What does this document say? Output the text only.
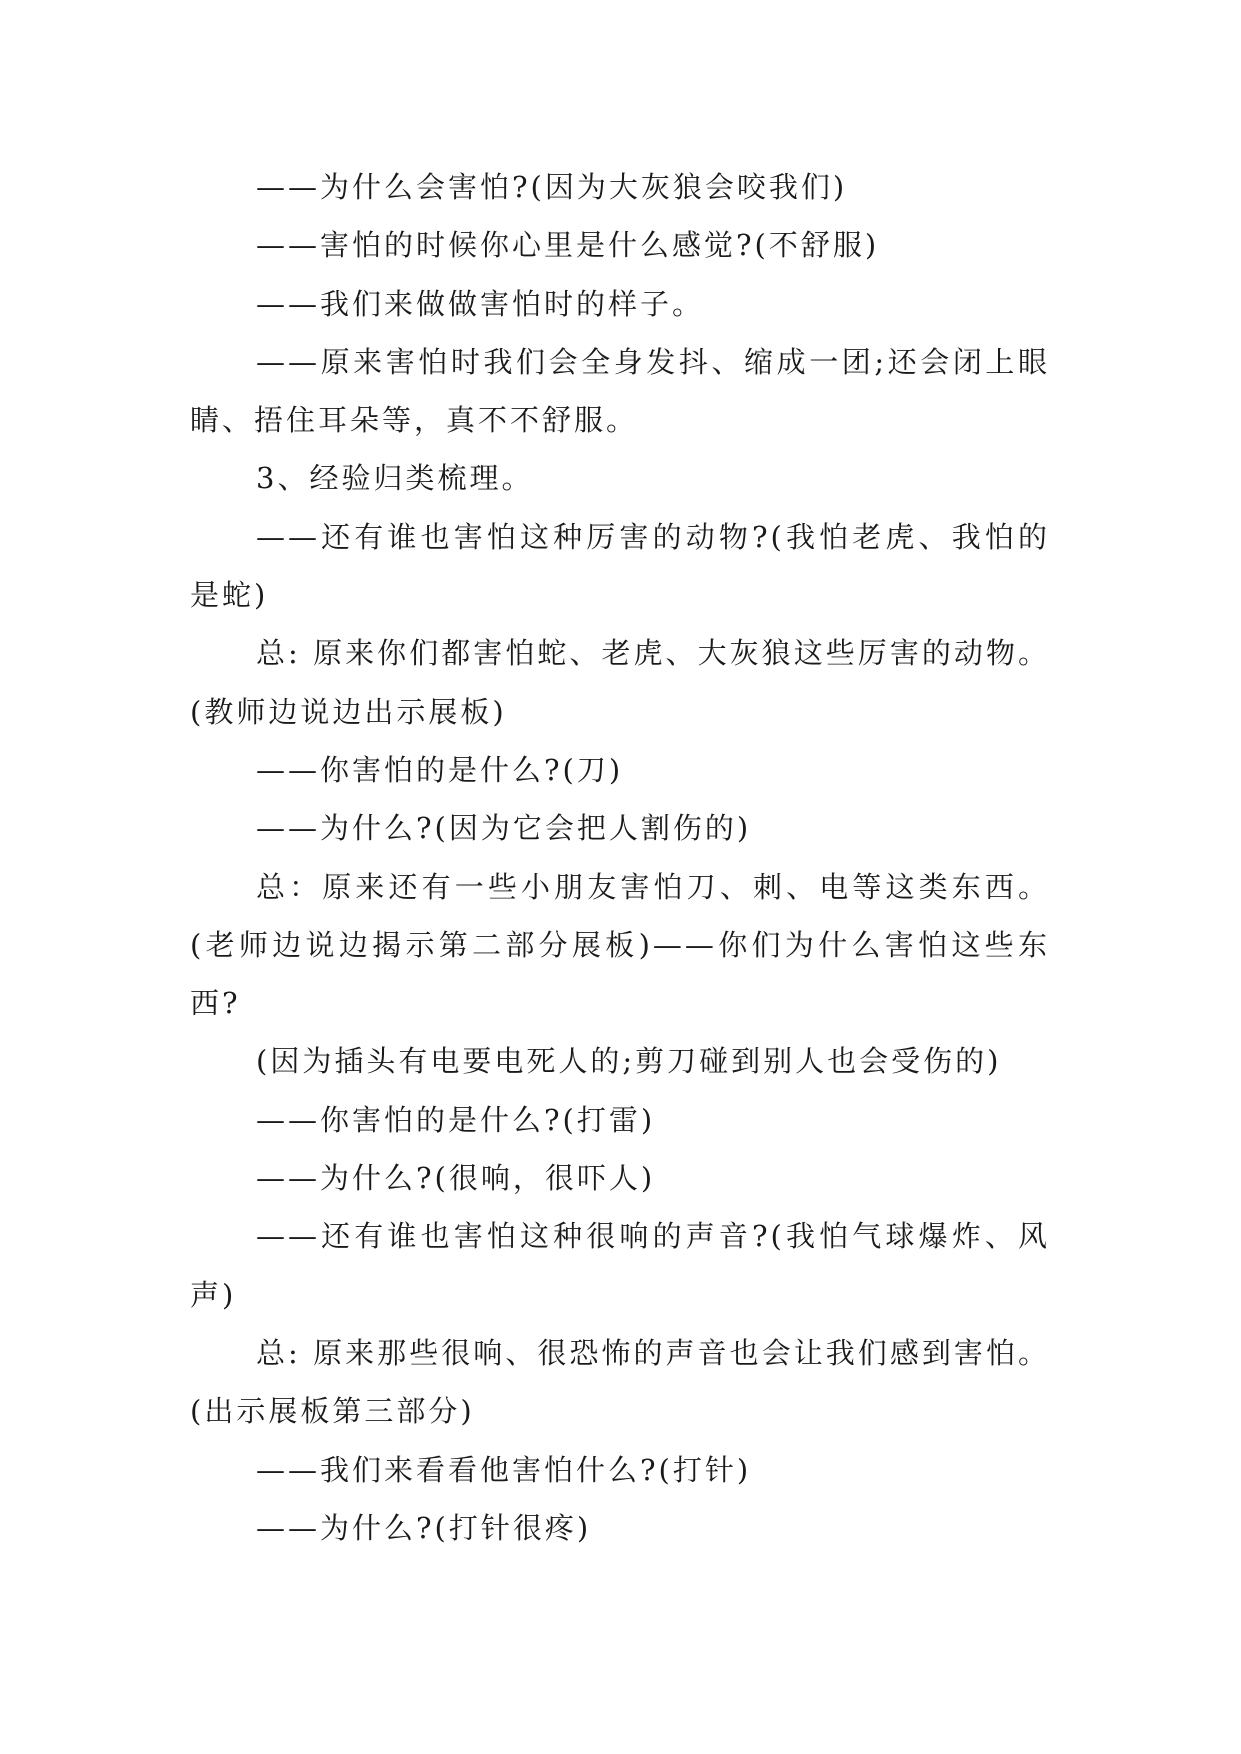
——为什么会害怕?(因为大灰狼会咬我们)

——害怕的时候你心里是什么感觉?(不舒服)

——我们来做做害怕时的样子。

——原来害怕时我们会全身发抖、缩成一团;还会闭上眼睛、捂住耳朵等，真不不舒服。

3、经验归类梳理。

——还有谁也害怕这种厉害的动物?(我怕老虎、我怕的是蛇)

总: 原来你们都害怕蛇、老虎、大灰狼这些厉害的动物。(教师边说边出示展板)

——你害怕的是什么?(刀)

——为什么?(因为它会把人割伤的)

总：原来还有一些小朋友害怕刀、刺、电等这类东西。(老师边说边揭示第二部分展板)——你们为什么害怕这些东西?

(因为插头有电要电死人的;剪刀碰到别人也会受伤的)

——你害怕的是什么?(打雷)

——为什么?(很响，很吓人)

——还有谁也害怕这种很响的声音?(我怕气球爆炸、风声)

总: 原来那些很响、很恐怖的声音也会让我们感到害怕。(出示展板第三部分)

——我们来看看他害怕什么?(打针)

——为什么?(打针很疼)
